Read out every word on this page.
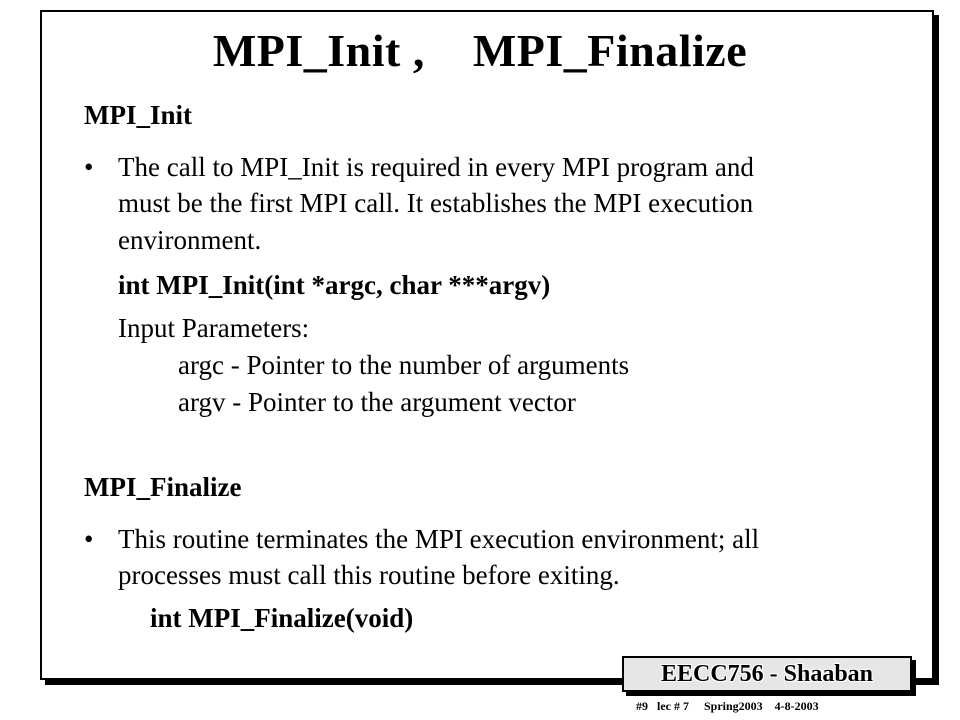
MPI_Init ,    MPI_Finalize
MPI_Init
• The call to MPI_Init is required in every MPI program and
must be the first MPI call. It establishes the MPI execution
environment.
int MPI_Init(int *argc, char ***argv)
Input Parameters:
argc - Pointer to the number of arguments
argv - Pointer to the argument vector
MPI_Finalize
• This routine terminates the MPI execution environment; all
processes must call this routine before exiting.
int MPI_Finalize(void)
EECC756 - Shaaban
#9   lec # 7     Spring2003    4-8-2003
